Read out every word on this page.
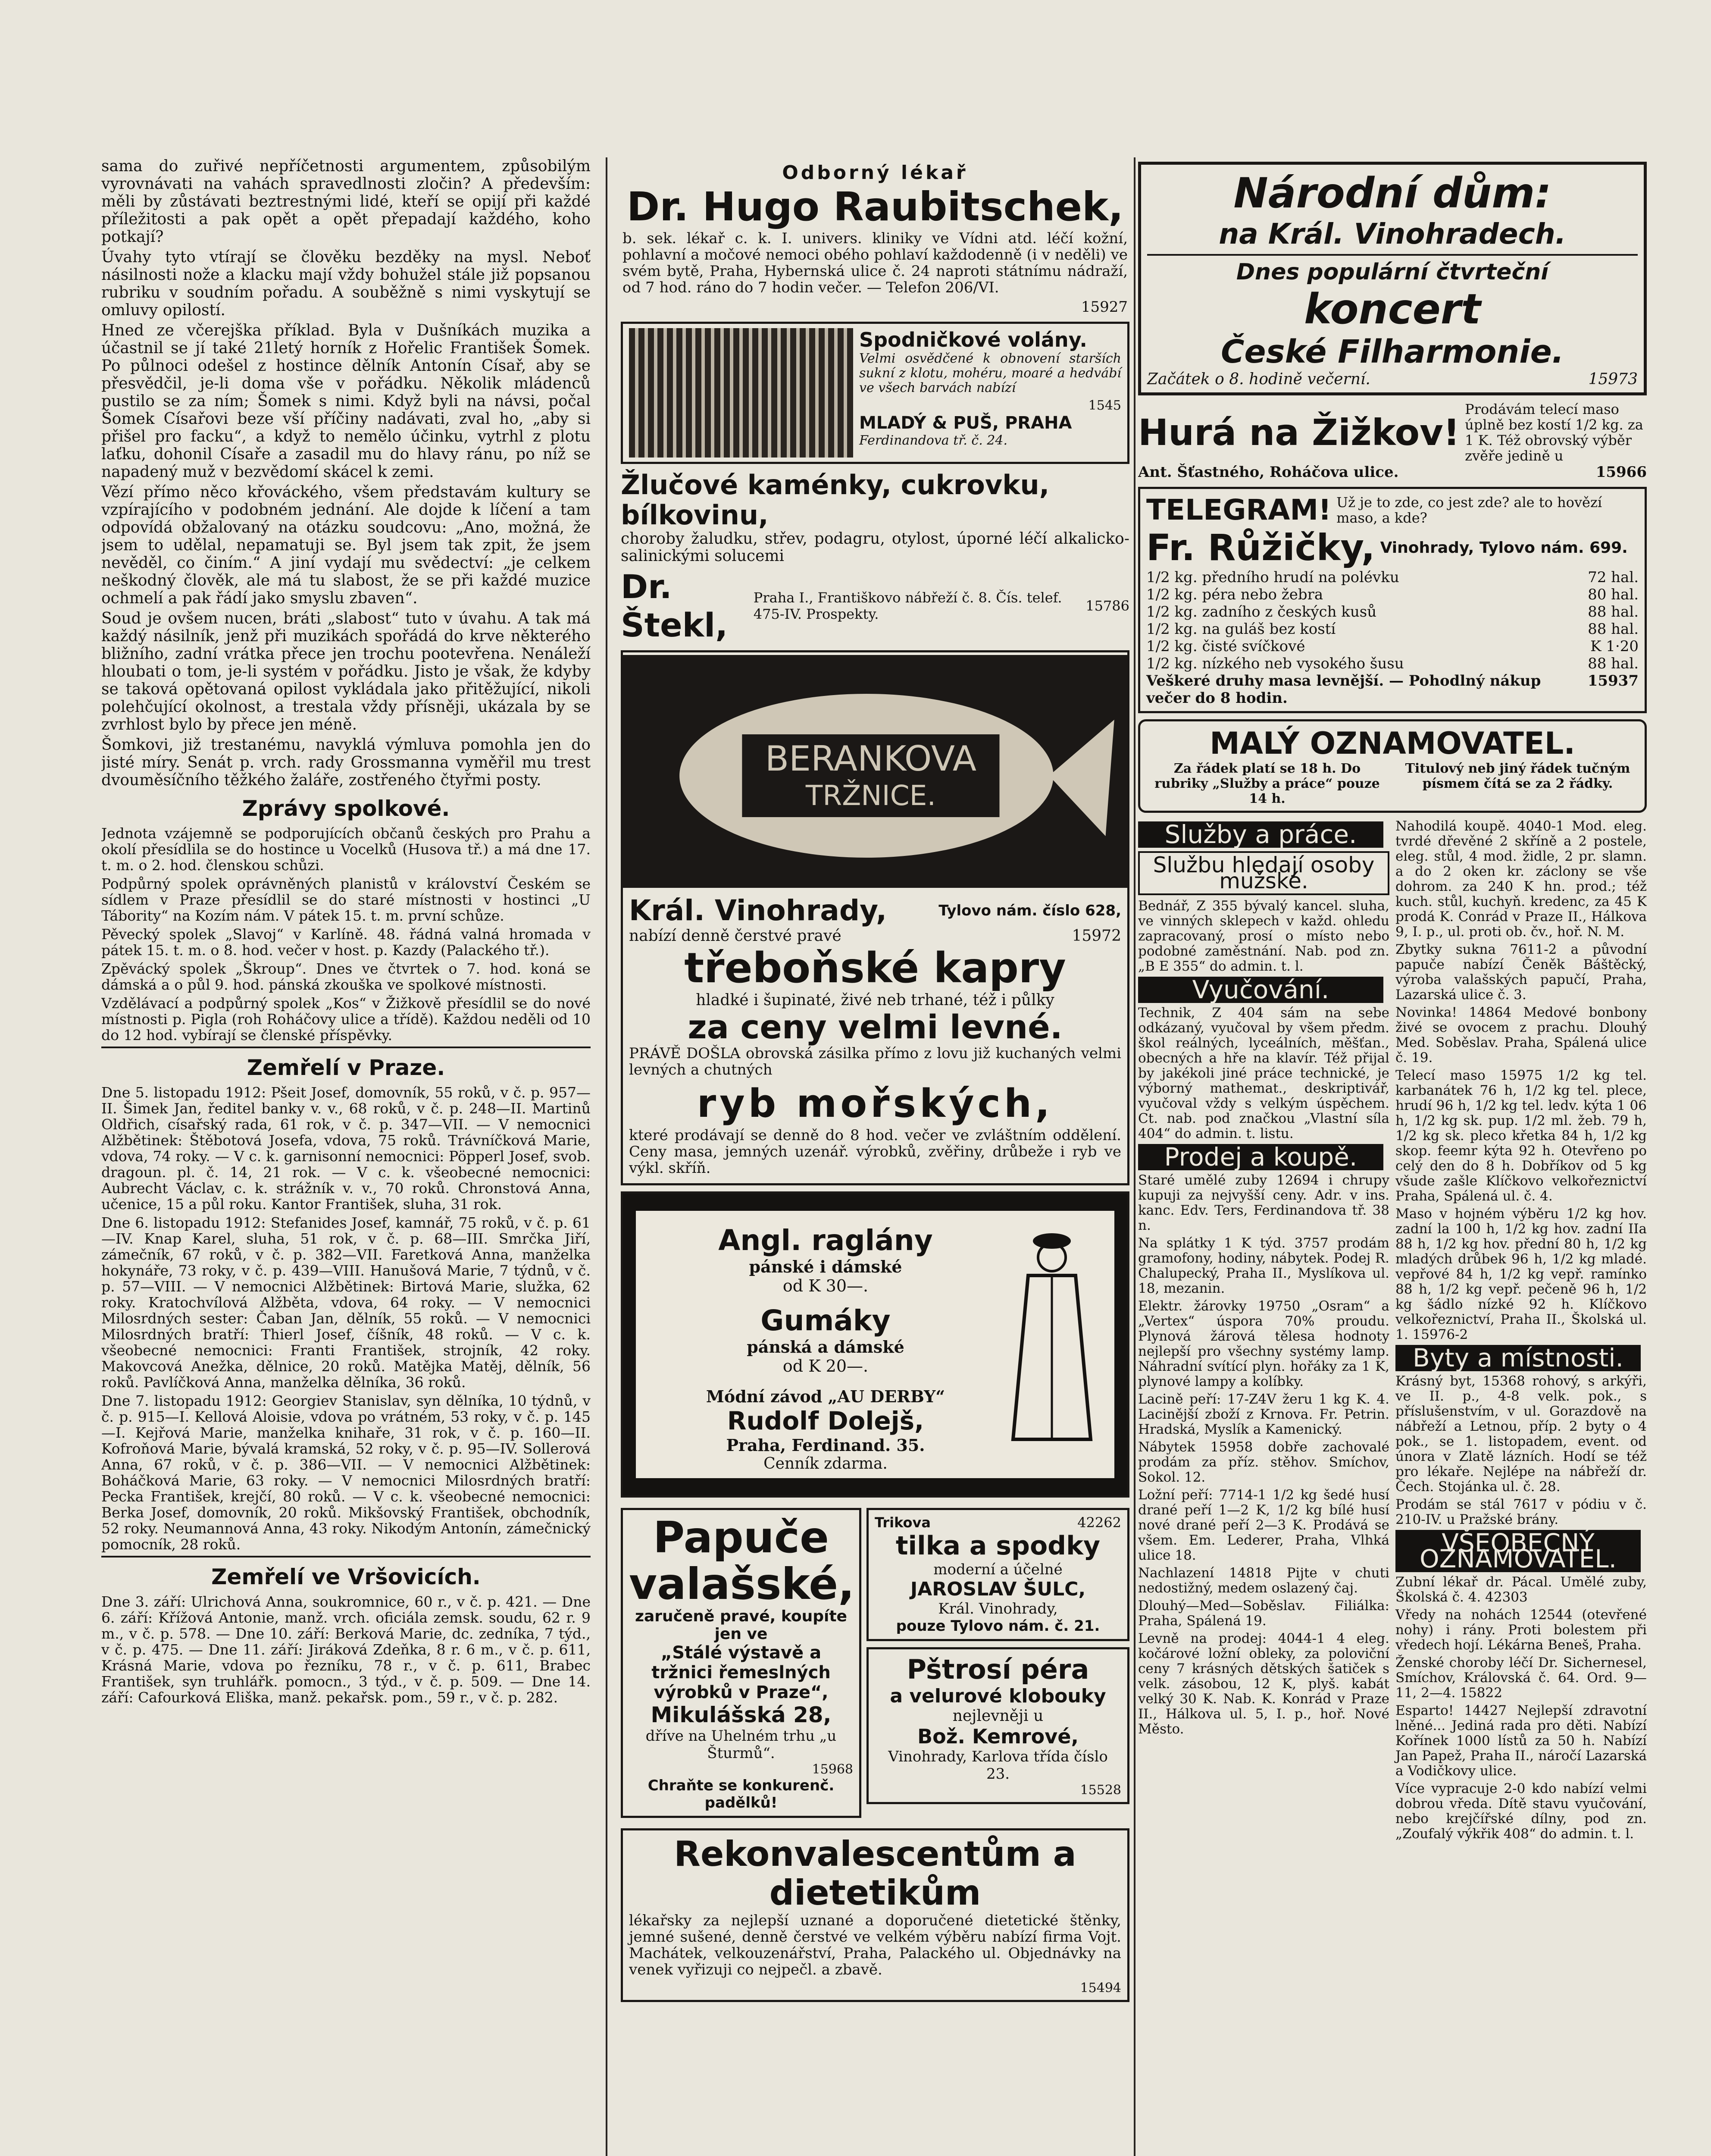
sama do zuřivé nepříčetnosti argumentem, způsobilým vyrovnávati na vahách spravedlnosti zločin? A především: měli by zůstávati beztrestnými lidé, kteří se opijí při každé příležitosti a pak opět a opět přepadají každého, koho potkají?

Úvahy tyto vtírají se člověku bezděky na mysl. Neboť násilnosti nože a klacku mají vždy bohužel stále již popsanou rubriku v soudním pořadu. A souběžně s nimi vyskytují se omluvy opilostí.

Hned ze včerejška příklad. Byla v Dušníkách muzika a účastnil se jí také 21letý horník z Hořelic František Šomek. Po půlnoci odešel z hostince dělník Antonín Císař, aby se přesvědčil, je-li doma vše v pořádku. Několik mládenců pustilo se za ním; Šomek s nimi. Když byli na návsi, počal Šomek Císařovi beze vší příčiny nadávati, zval ho, „aby si přišel pro facku“, a když to nemělo účinku, vytrhl z plotu laťku, dohonil Císaře a zasadil mu do hlavy ránu, po níž se napadený muž v bezvědomí skácel k zemi.

Vězí přímo něco křováckého, všem představám kultury se vzpírajícího v podobném jednání. Ale dojde k líčení a tam odpovídá obžalovaný na otázku soudcovu: „Ano, možná, že jsem to udělal, nepamatuji se. Byl jsem tak zpit, že jsem nevěděl, co činím.“ A jiní vydají mu svědectví: „je celkem neškodný člověk, ale má tu slabost, že se při každé muzice ochmelí a pak řádí jako smyslu zbaven“.

Soud je ovšem nucen, bráti „slabost“ tuto v úvahu. A tak má každý násilník, jenž při muzikách spořádá do krve některého bližního, zadní vrátka přece jen trochu pootevřena. Nenáleží hloubati o tom, je-li systém v pořádku. Jisto je však, že kdyby se taková opětovaná opilost vykládala jako přitěžující, nikoli polehčující okolnost, a trestala vždy přísněji, ukázala by se zvrhlost bylo by přece jen méně.

Šomkovi, již trestanému, navyklá výmluva pomohla jen do jisté míry. Senát p. vrch. rady Grossmanna vyměřil mu trest dvouměsíčního těžkého žaláře, zostřeného čtyřmi posty.

Zprávy spolkové.

Jednota vzájemně se podporujících občanů českých pro Prahu a okolí přesídlila se do hostince u Vocelků (Husova tř.) a má dne 17. t. m. o 2. hod. členskou schůzi.

Podpůrný spolek oprávněných planistů v království Českém se sídlem v Praze přesídlil se do staré místnosti v hostinci „U Tábority“ na Kozím nám. V pátek 15. t. m. první schůze.

Pěvecký spolek „Slavoj“ v Karlíně. 48. řádná valná hromada v pátek 15. t. m. o 8. hod. večer v host. p. Kazdy (Palackého tř.).

Zpěvácký spolek „Škroup“. Dnes ve čtvrtek o 7. hod. koná se dámská a o půl 9. hod. pánská zkouška ve spolkové místnosti.

Vzdělávací a podpůrný spolek „Kos“ v Žižkově přesídlil se do nové místnosti p. Pigla (roh Roháčovy ulice a třídě). Každou neděli od 10 do 12 hod. vybírají se členské příspěvky.

Zemřelí v Praze.

Dne 5. listopadu 1912: Pšeit Josef, domovník, 55 roků, v č. p. 957—II. Šimek Jan, ředitel banky v. v., 68 roků, v č. p. 248—II. Martinů Oldřich, císařský rada, 61 rok, v č. p. 347—VII. — V nemocnici Alžbětinek: Štěbotová Josefa, vdova, 75 roků. Trávníčková Marie, vdova, 74 roky. — V c. k. garnisonní nemocnici: Pöpperl Josef, svob. dragoun. pl. č. 14, 21 rok. — V c. k. všeobecné nemocnici: Aubrecht Václav, c. k. strážník v. v., 70 roků. Chronstová Anna, učenice, 15 a půl roku. Kantor František, sluha, 31 rok.

Dne 6. listopadu 1912: Stefanides Josef, kamnář, 75 roků, v č. p. 61—IV. Knap Karel, sluha, 51 rok, v č. p. 68—III. Smrčka Jiří, zámečník, 67 roků, v č. p. 382—VII. Faretková Anna, manželka hokynáře, 73 roky, v č. p. 439—VIII. Hanušová Marie, 7 týdnů, v č. p. 57—VIII. — V nemocnici Alžbětinek: Birtová Marie, služka, 62 roky. Kratochvílová Alžběta, vdova, 64 roky. — V nemocnici Milosrdných sester: Čaban Jan, dělník, 55 roků. — V nemocnici Milosrdných bratří: Thierl Josef, číšník, 48 roků. — V c. k. všeobecné nemocnici: Franti František, strojník, 42 roky. Makovcová Anežka, dělnice, 20 roků. Matějka Matěj, dělník, 56 roků. Pavlíčková Anna, manželka dělníka, 36 roků.

Dne 7. listopadu 1912: Georgiev Stanislav, syn dělníka, 10 týdnů, v č. p. 915—I. Kellová Aloisie, vdova po vrátném, 53 roky, v č. p. 145—I. Kejřová Marie, manželka knihaře, 31 rok, v č. p. 160—II. Kofroňová Marie, bývalá kramská, 52 roky, v č. p. 95—IV. Sollerová Anna, 67 roků, v č. p. 386—VII. — V nemocnici Alžbětinek: Boháčková Marie, 63 roky. — V nemocnici Milosrdných bratří: Pecka František, krejčí, 80 roků. — V c. k. všeobecné nemocnici: Berka Josef, domovník, 20 roků. Mikšovský František, obchodník, 52 roky. Neumannová Anna, 43 roky. Nikodým Antonín, zámečnický pomocník, 28 roků.

Zemřelí ve Vršovicích.

Dne 3. září: Ulrichová Anna, soukromnice, 60 r., v č. p. 421. — Dne 6. září: Křížová Antonie, manž. vrch. oficiála zemsk. soudu, 62 r. 9 m., v č. p. 578. — Dne 10. září: Berková Marie, dc. zedníka, 7 týd., v č. p. 475. — Dne 11. září: Jiráková Zdeňka, 8 r. 6 m., v č. p. 611, Krásná Marie, vdova po řezníku, 78 r., v č. p. 611, Brabec František, syn truhlářk. pomocn., 3 týd., v č. p. 509. — Dne 14. září: Cafourková Eliška, manž. pekařsk. pom., 59 r., v č. p. 282.

Odborný lékař
Dr. Hugo Raubitschek,

b. sek. lékař c. k. I. univers. kliniky ve Vídni atd. léčí kožní, pohlavní a močové nemoci obého pohlaví každodenně (i v neděli) ve svém bytě, Praha, Hybernská ulice č. 24 naproti státnímu nádraží, od 7 hod. ráno do 7 hodin večer. — Telefon 206/VI.

15927
Spodničkové volány.

Velmi osvědčené k obnovení starších sukní z klotu, mohéru, moaré a hedvábí ve všech barvách nabízí

1545
MLADÝ & PUŠ, PRAHA
Ferdinandova tř. č. 24.
Žlučové kaménky, cukrovku, bílkovinu,

choroby žaludku, střev, podagru, otylost, úporné léčí alkalicko-salinickými solucemi

Dr. Štekl,
Praha I., Františkovo nábřeží č. 8. Čís. telef. 475-IV. Prospekty.	15786
BERANKOVA
TRŽNICE.
Král. Vinohrady,	Tylovo nám. číslo 628,
nabízí denně čerstvé pravé	15972
třeboňské kapry
hladké i šupinaté, živé neb trhané, též i půlky
za ceny velmi levné.

PRÁVĚ DOŠLA obrovská zásilka přímo z lovu již kuchaných velmi levných a chutných

ryb mořských,

které prodávají se denně do 8 hod. večer ve zvláštním oddělení. Ceny masa, jemných uzenář. výrobků, zvěřiny, drůbeže i ryb ve výkl. skříň.

Angl. raglány
pánské i dámské
od K 30—.
Gumáky
pánská a dámské
od K 20—.
Módní závod „AU DERBY“
Rudolf Dolejš,
Praha, Ferdinand. 35.
Cenník zdarma.
Papuče
valašské,
zaručeně pravé, koupíte jen ve
„Stálé výstavě a tržnici řemeslných výrobků v Praze“,
Mikulášská 28,
dříve na Uhelném trhu „u Šturmů“.
15968
Chraňte se konkurenč. padělků!
Trikova	42262
tilka a spodky
moderní a účelné
JAROSLAV ŠULC,
Král. Vinohrady,
pouze Tylovo nám. č. 21.
Pštrosí péra
a velurové klobouky
nejlevněji u
Bož. Kemrové,
Vinohrady, Karlova třída číslo 23.
15528
Rekonvalescentům a dietetikům

lékařsky za nejlepší uznané a doporučené dietetické štěnky, jemné sušené, denně čerstvé ve velkém výběru nabízí firma Vojt. Machátek, velkouzenářství, Praha, Palackého ul. Objednávky na venek vyřizuji co nejpečl. a zbavě.

15494
Národní dům:
na Král. Vinohradech.
Dnes populární čtvrteční
koncert
České Filharmonie.
Začátek o 8. hodině večerní.	15973
Hurá na Žižkov!
Prodávám telecí maso úplně bez kostí 1/2 kg. za 1 K. Též obrovský výběr zvěře jedině u
Ant. Šťastného, Roháčova ulice.	15966
TELEGRAM! Už je to zde, co jest zde? ale to hovězí maso, a kde?
Fr. Růžičky, Vinohrady, Tylovo nám. 699.
1/2 kg. předního hrudí na polévku	72 hal.
1/2 kg. péra nebo žebra	80 hal.
1/2 kg. zadního z českých kusů	88 hal.
1/2 kg. na guláš bez kostí	88 hal.
1/2 kg. čisté svíčkové	K 1·20
1/2 kg. nízkého neb vysokého šusu	88 hal.
Veškeré druhy masa levnější. — Pohodlný nákup večer do 8 hodin.
15937
MALÝ OZNAMOVATEL.
Za řádek platí se 18 h. Do rubriky „Služby a práce“ pouze 14 h.
Titulový neb jiný řádek tučným písmem čítá se za 2 řádky.
Služby a práce.
Službu hledají osoby mužské.

Bednář, Z 355 bývalý kancel. sluha, ve vinných sklepech v každ. ohledu zapracovaný, prosí o místo nebo podobné zaměstnání. Nab. pod zn. „B E 355“ do admin. t. l.

Vyučování.

Technik, Z 404 sám na sebe odkázaný, vyučoval by všem předm. škol reálných, lyceálních, měšťan., obecných a hře na klavír. Též přijal by jakékoli jiné práce technické, je výborný mathemat., deskriptivář, vyučoval vždy s velkým úspěchem. Ct. nab. pod značkou „Vlastní síla 404“ do admin. t. listu.

Prodej a koupě.

Staré umělé zuby 12694 i chrupy kupuji za nejvyšší ceny. Adr. v ins. kanc. Edv. Ters, Ferdinandova tř. 38 n.

Na splátky 1 K týd. 3757 prodám gramofony, hodiny, nábytek. Podej R. Chalupecký, Praha II., Myslíkova ul. 18, mezanin.

Elektr. žárovky 19750 „Osram“ a „Vertex“ úspora 70% proudu. Plynová žárová tělesa hodnoty nejlepší pro všechny systémy lamp. Náhradní svítící plyn. hořáky za 1 K, plynové lampy a kolíbky.

Lacině peří: 17-Z4V žeru 1 kg K. 4. Lacinější zboží z Krnova. Fr. Petrin. Hradská, Myslík a Kamenický.

Nábytek 15958 dobře zachovalé prodám za příz. stěhov. Smíchov, Sokol. 12.

Ložní peří: 7714-1 1/2 kg šedé husí drané peří 1—2 K, 1/2 kg bílé husí nové drané peří 2—3 K. Prodává se všem. Em. Lederer, Praha, Vlhká ulice 18.

Nachlazení 14818 Pijte v chuti nedostižný, medem oslazený čaj.

Dlouhý—Med—Soběslav. Filiálka: Praha, Spálená 19.

Levně na prodej: 4044-1 4 eleg. kočárové ložní obleky, za poloviční ceny 7 krásných dětských šatiček s velk. zásobou, 12 K, plyš. kabát velký 30 K. Nab. K. Konrád v Praze II., Hálkova ul. 5, I. p., hoř. Nové Město.

Nahodilá koupě. 4040-1 Mod. eleg. tvrdé dřevěné 2 skříně a 2 postele, eleg. stůl, 4 mod. židle, 2 pr. slamn. a do 2 oken kr. záclony se vše dohrom. za 240 K hn. prod.; též kuch. stůl, kuchyň. kredenc, za 45 K prodá K. Conrád v Praze II., Hálkova 9, I. p., ul. proti ob. čv., hoř. N. M.

Zbytky sukna 7611-2 a původní papuče nabízí Čeněk Báštěcký, výroba valašských papučí, Praha, Lazarská ulice č. 3.

Novinka! 14864 Medové bonbony živé se ovocem z prachu. Dlouhý Med. Soběslav. Praha, Spálená ulice č. 19.

Telecí maso 15975 1/2 kg tel. karbanátek 76 h, 1/2 kg tel. plece, hrudí 96 h, 1/2 kg tel. ledv. kýta 1 06 h, 1/2 kg sk. pup. 1/2 ml. žeb. 79 h, 1/2 kg sk. pleco křetka 84 h, 1/2 kg skop. feemr kýta 92 h. Otevřeno po celý den do 8 h. Dobříkov od 5 kg všude zašle Klíčkovo velkořeznictví Praha, Spálená ul. č. 4.

Maso v hojném výběru 1/2 kg hov. zadní la 100 h, 1/2 kg hov. zadní IIa 88 h, 1/2 kg hov. přední 80 h, 1/2 kg mladých drůbek 96 h, 1/2 kg mladé. vepřové 84 h, 1/2 kg vepř. ramínko 88 h, 1/2 kg vepř. pečeně 96 h, 1/2 kg šádlo nízké 92 h. Klíčkovo velkořeznictví, Praha II., Školská ul. 1. 15976-2

Byty a místnosti.

Krásný byt, 15368 rohový, s arkýři, ve II. p., 4-8 velk. pok., s příslušenstvím, v ul. Gorazdově na nábřeží a Letnou, příp. 2 byty o 4 pok., se 1. listopadem, event. od února v Zlatě lázních. Hodí se též pro lékaře. Nejlépe na nábřeží dr. Čech. Stojánka ul. č. 28.

Prodám se stál 7617 v pódiu v č. 210-IV. u Pražské brány.

VŠEOBECNÝ OZNAMOVATEL.

Zubní lékař dr. Pácal. Umělé zuby, Školská č. 4. 42303

Vředy na nohách 12544 (otevřené nohy) i rány. Proti bolestem při vředech hojí. Lékárna Beneš, Praha.

Ženské choroby léčí Dr. Sichernesel, Smíchov, Královská č. 64. Ord. 9—11, 2—4. 15822

Esparto! 14427 Nejlepší zdravotní lněné... Jediná rada pro děti. Nabízí Kořínek 1000 lístů za 50 h. Nabízí Jan Papež, Praha II., náročí Lazarská a Vodičkovy ulice.

Více vypracuje 2-0 kdo nabízí velmi dobrou vředa. Dítě stavu vyučování, nebo krejčířské dílny, pod zn. „Zoufalý výkřik 408“ do admin. t. l.
